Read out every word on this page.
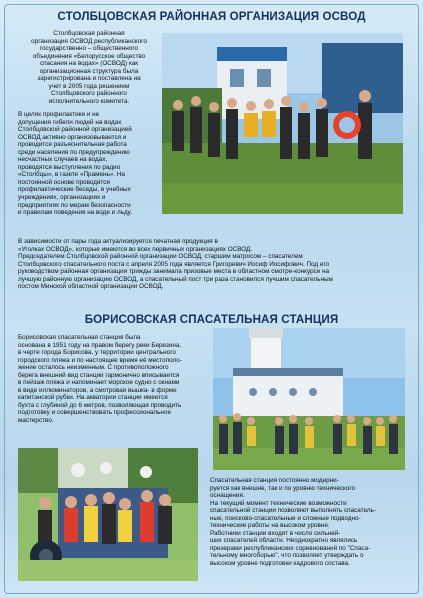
СТОЛБЦОВСКАЯ РАЙОННАЯ ОРГАНИЗАЦИЯ ОСВОД
Столбцовская районная
организация ОСВОД республиканского
государственно – общественного
объединения «Белорусское общество
спасания на водах» (ОСВОД) как
организационная структура была
зарегистрирована и поставлена на
учет в 2005 года решением
Столбцовского районного
исполнительного комитета.
В целях профилактики и не
допущения гибели людей на водах
Столбцовской районной организацией
ОСВОД активно организовывается и
проводится разъяснительная работа
среди населения по предупреждению
несчастных случаев на водах,
проводятся выступления по радио
«Столбцы», в газете «Прамень». На
постоянной основе проводятся
профилактические беседы, в учебных
учреждениях, организациях и
предприятиях по мерам безопасности
и правилам поведения на воде и льду.
В зависимости от пары года актуализируется печатная продукция в
«Уголках ОСВОД», которые имеются во всех первичных организациях ОСВОД.
Председателем Столбцовской районной организации ОСВОД, старшим матросом – спасателем
Столбцовского спасательного поста с апреля 2005 года является Григоревич Иосиф Иосифович. Под его
руководством районная организация трижды занимала призовые места в областном смотре-конкурсе на
лучшую районную организацию ОСВОД, а спасательный пост три раза становился лучшим спасательным
постом Минской областной организации ОСВОД.
БОРИСОВСКАЯ СПАСАТЕЛЬНАЯ СТАНЦИЯ
Борисовская спасательная станция была
основана в 1951 году на правом берегу реки Березина,
в черте города Борисова, у территории центрального
городского пляжа и по настоящее время её местополо-
жение осталось неизменным. С противоположного
берега внешний вид станции гармонично вписывается
в пейзаж пляжа и напоминает морское судно с окнами
в виде иллюминаторов, а смотровая вышка- в форме
капитанской рубки. На акватории станции имеется
бухта с глубиной до 6 метров, позволяющая проводить
подготовку и совершенствовать профессиональное
мастерство.
Спасательная станция постоянно модерни-
руется как внешне, так и по уровню технического
оснащения.
На текущий момент технические возможности
спасательной станции позволяют выполнять спасатель-
ные, поисково-спасательные и сложные подводно-
технические работы на высоком уровне.
Работники станции входят в число сильней-
ших спасателей области. Неоднократно являлись
призерами республиканских соревнований по "Спаса-
тельному многоборью", что позволяет утверждать о
высоком уровне подготовки кадрового состава.
